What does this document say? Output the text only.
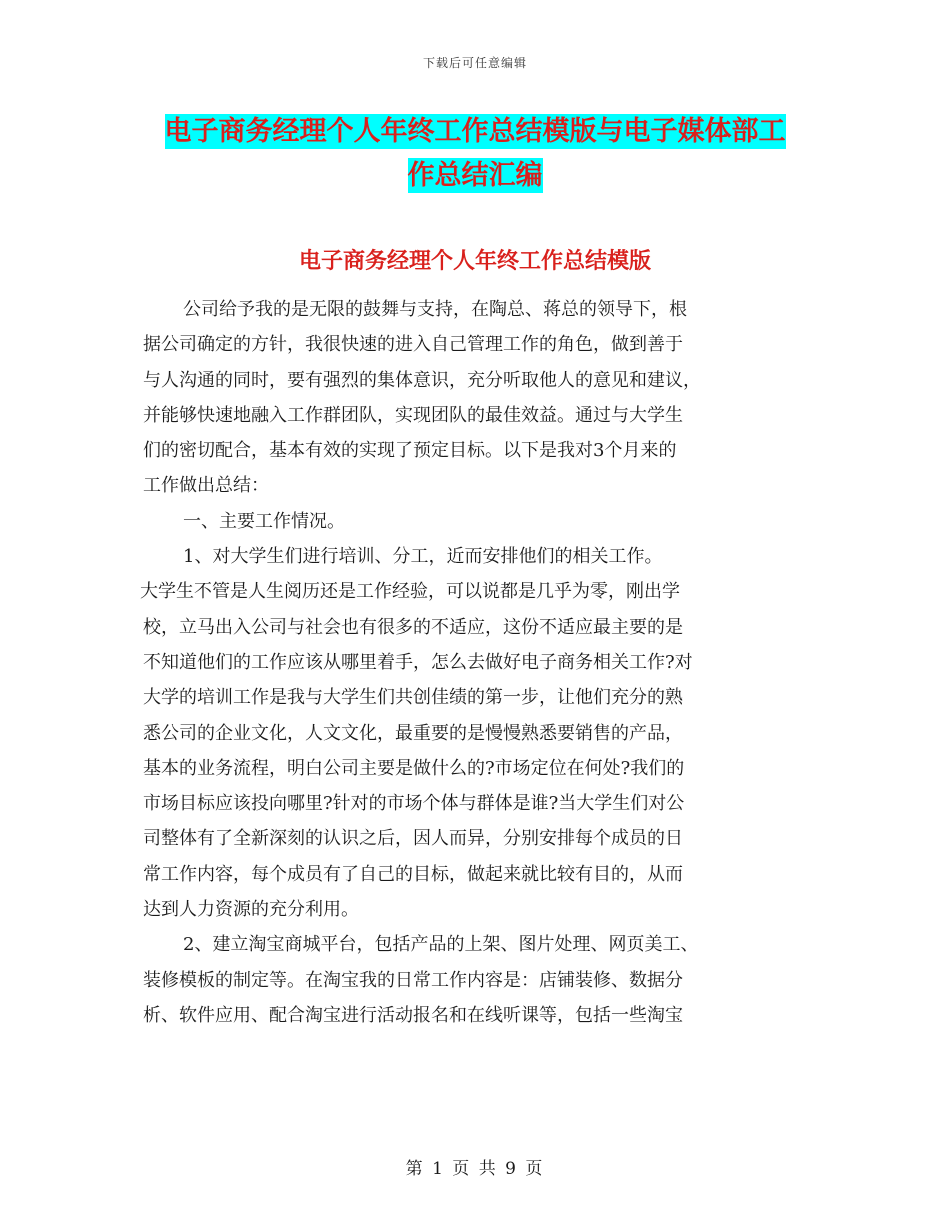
下载后可任意编辑
电子商务经理个人年终工作总结模版与电子媒体部工
作总结汇编
电子商务经理个人年终工作总结模版

公司给予我的是无限的鼓舞与支持，在陶总、蒋总的领导下，根

据公司确定的方针，我很快速的进入自己管理工作的角色，做到善于

与人沟通的同时，要有强烈的集体意识，充分听取他人的意见和建议，

并能够快速地融入工作群团队，实现团队的最佳效益。通过与大学生

们的密切配合，基本有效的实现了预定目标。以下是我对3个月来的

工作做出总结：

一、主要工作情况。

1、对大学生们进行培训、分工，近而安排他们的相关工作。

大学生不管是人生阅历还是工作经验，可以说都是几乎为零，刚出学

校，立马出入公司与社会也有很多的不适应，这份不适应最主要的是

不知道他们的工作应该从哪里着手，怎么去做好电子商务相关工作?对

大学的培训工作是我与大学生们共创佳绩的第一步，让他们充分的熟

悉公司的企业文化，人文文化，最重要的是慢慢熟悉要销售的产品，

基本的业务流程，明白公司主要是做什么的?市场定位在何处?我们的

市场目标应该投向哪里?针对的市场个体与群体是谁?当大学生们对公

司整体有了全新深刻的认识之后，因人而异，分别安排每个成员的日

常工作内容，每个成员有了自己的目标，做起来就比较有目的，从而

达到人力资源的充分利用。

2、建立淘宝商城平台，包括产品的上架、图片处理、网页美工、

装修模板的制定等。在淘宝我的日常工作内容是：店铺装修、数据分

析、软件应用、配合淘宝进行活动报名和在线听课等，包括一些淘宝

第 1 页 共 9 页
